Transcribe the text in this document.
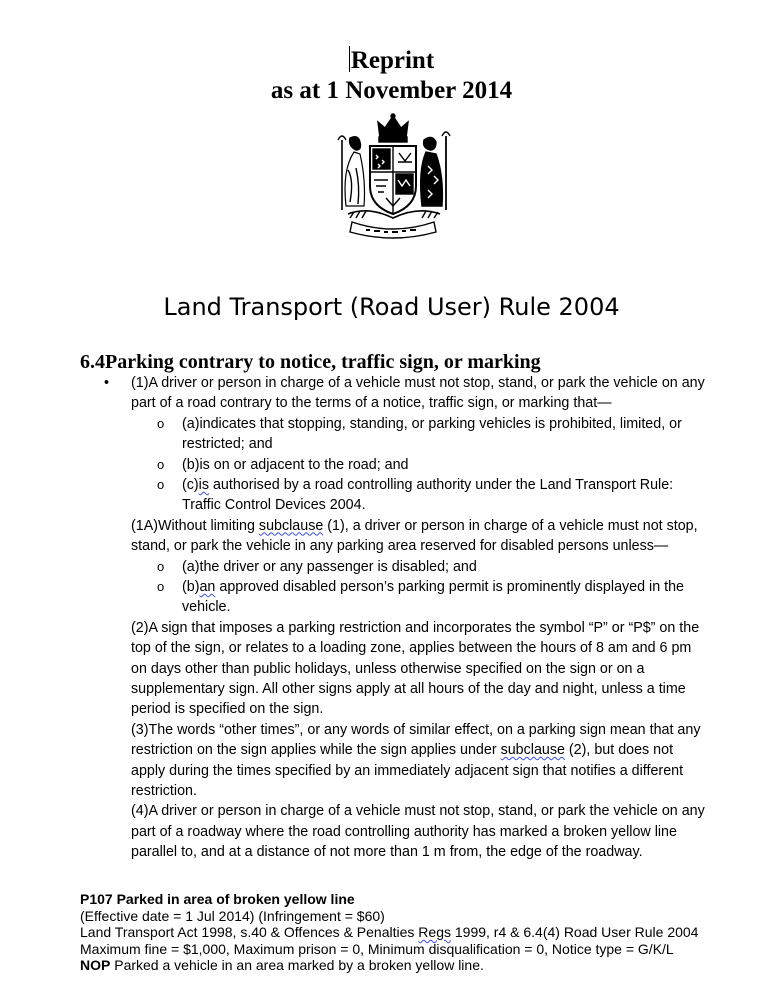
Reprint
as at 1 November 2014
Land Transport (Road User) Rule 2004
6.4Parking contrary to notice, traffic sign, or marking
• (1)A driver or person in charge of a vehicle must not stop, stand, or park the vehicle on any
part of a road contrary to the terms of a notice, traffic sign, or marking that—
o (a)indicates that stopping, standing, or parking vehicles is prohibited, limited, or
restricted; and
o (b)is on or adjacent to the road; and
o (c)is authorised by a road controlling authority under the Land Transport Rule:
Traffic Control Devices 2004.
(1A)Without limiting subclause (1), a driver or person in charge of a vehicle must not stop,
stand, or park the vehicle in any parking area reserved for disabled persons unless—
o (a)the driver or any passenger is disabled; and
o (b)an approved disabled person’s parking permit is prominently displayed in the
vehicle.
(2)A sign that imposes a parking restriction and incorporates the symbol “P” or “P$” on the
top of the sign, or relates to a loading zone, applies between the hours of 8 am and 6 pm
on days other than public holidays, unless otherwise specified on the sign or on a
supplementary sign. All other signs apply at all hours of the day and night, unless a time
period is specified on the sign.
(3)The words “other times”, or any words of similar effect, on a parking sign mean that any
restriction on the sign applies while the sign applies under subclause (2), but does not
apply during the times specified by an immediately adjacent sign that notifies a different
restriction.
(4)A driver or person in charge of a vehicle must not stop, stand, or park the vehicle on any
part of a roadway where the road controlling authority has marked a broken yellow line
parallel to, and at a distance of not more than 1 m from, the edge of the roadway.
P107 Parked in area of broken yellow line
(Effective date = 1 Jul 2014) (Infringement = $60)
Land Transport Act 1998, s.40 & Offences & Penalties Regs 1999, r4 & 6.4(4) Road User Rule 2004
Maximum fine = $1,000, Maximum prison = 0, Minimum disqualification = 0, Notice type = G/K/L
NOP Parked a vehicle in an area marked by a broken yellow line.
